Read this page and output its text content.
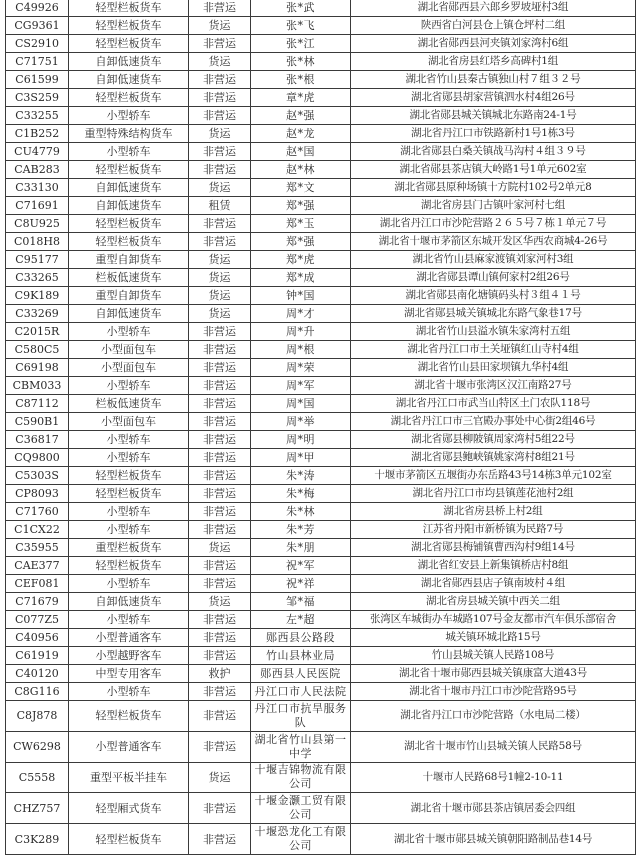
C49926	轻型栏板货车	非营运	张*武	湖北省郧西县六郎乡罗坡垭村3组
CG9361	轻型栏板货车	货运	张*飞	陕西省白河县仓上镇仓坪村二组
CS2910	轻型栏板货车	非营运	张*江	湖北省郧西县河夹镇刘家湾村6组
C71751	自卸低速货车	货运	张*林	湖北省房县红塔乡高碑村1组
C61599	自卸低速货车	非营运	张*根	湖北省竹山县秦古镇独山村７组３２号
C3S259	轻型栏板货车	非营运	章*虎	湖北省郧县胡家营镇泗水村4组26号
C33255	小型轿车	非营运	赵*强	湖北省郧县城关镇城北东路南24-1号
C1B252	重型特殊结构货车	货运	赵*龙	湖北省丹江口市铁路新村1号1栋3号
CU4779	小型轿车	非营运	赵*国	湖北省郧县白桑关镇战马沟村４组３９号
CAB283	轻型栏板货车	非营运	赵*林	湖北省郧县茶店镇大岭路1号1单元602室
C33130	自卸低速货车	货运	郑*文	湖北省郧县原种场镇十方院村102号2单元8
C71691	自卸低速货车	租赁	郑*强	湖北省房县门古镇叶家河村七组
C8U925	轻型栏板货车	非营运	郑*玉	湖北省丹江口市沙陀营路２６５号７栋１单元７号
C018H8	轻型栏板货车	非营运	郑*强	湖北省十堰市茅箭区东城开发区华西农商城4-26号
C95177	重型自卸货车	货运	郑*虎	湖北省竹山县麻家渡镇刘家河村3组
C33265	栏板低速货车	货运	郑*成	湖北省郧县谭山镇何家村2组26号
C9K189	重型自卸货车	货运	钟*国	湖北省郧县南化塘镇码头村３组４１号
C33269	自卸低速货车	货运	周*才	湖北省郧县城关镇城北东路气象巷17号
C2015R	小型轿车	非营运	周*升	湖北省竹山县溢水镇朱家湾村五组
C580C5	小型面包车	非营运	周*根	湖北省丹江口市土关垭镇红山寺村4组
C69198	小型面包车	非营运	周*荣	湖北省竹山县田家坝镇九华村4组
CBM033	小型轿车	非营运	周*军	湖北省十堰市张湾区汉江南路27号
C87112	栏板低速货车	非营运	周*国	湖北省丹江口市武当山特区土门农队118号
C590B1	小型面包车	非营运	周*举	湖北省丹江口市三官殿办事处中心街2组46号
C36817	小型轿车	非营运	周*明	湖北省郧县柳陂镇周家湾村5组22号
CQ9800	小型轿车	非营运	周*甲	湖北省郧县鲍峡镇姚家湾村8组21号
C5303S	轻型栏板货车	非营运	朱*涛	十堰市茅箭区五堰街办东岳路43号14栋3单元102室
CP8093	轻型栏板货车	非营运	朱*梅	湖北省丹江口市均县镇莲花池村2组
C71760	小型轿车	非营运	朱*林	湖北省房县桥上村2组
C1CX22	小型轿车	非营运	朱*芳	江苏省丹阳市新桥镇为民路7号
C35955	重型栏板货车	货运	朱*朋	湖北省郧县梅铺镇曹西沟村9组14号
CAE377	轻型栏板货车	非营运	祝*军	湖北省红安县上新集镇桥店村8组
CEF081	小型轿车	非营运	祝*祥	湖北省郧西县店子镇南坡村４组
C71679	自卸低速货车	货运	邹*福	湖北省房县城关镇中西关二组
C077Z5	小型轿车	非营运	左*超	张湾区车城街办车城路107号金友都市汽车俱乐部宿舍
C40956	小型普通客车	非营运	郧西县公路段	城关镇环城北路15号
C61919	小型越野客车	非营运	竹山县林业局	竹山县城关镇人民路108号
C40120	中型专用客车	救护	郧西县人民医院	湖北省十堰市郧西县城关镇康富大道43号
C8G116	小型轿车	非营运	丹江口市人民法院	湖北省十堰市丹江口市沙陀营路95号
C8J878	轻型栏板货车	非营运	丹江口市抗旱服务队	湖北省丹江口市沙陀营路（水电局二楼）
CW6298	小型普通客车	非营运	湖北省竹山县第一中学	湖北省十堰市竹山县城关镇人民路58号
C5558	重型平板半挂车	货运	十堰吉锦物流有限公司	十堰市人民路68号1幢2-10-11
CHZ757	轻型厢式货车	非营运	十堰金灏工贸有限公司	湖北省十堰市郧县茶店镇居委会四组
C3K289	轻型栏板货车	非营运	十堰恐龙化工有限公司	湖北省十堰市郧县城关镇朝阳路制品巷14号
